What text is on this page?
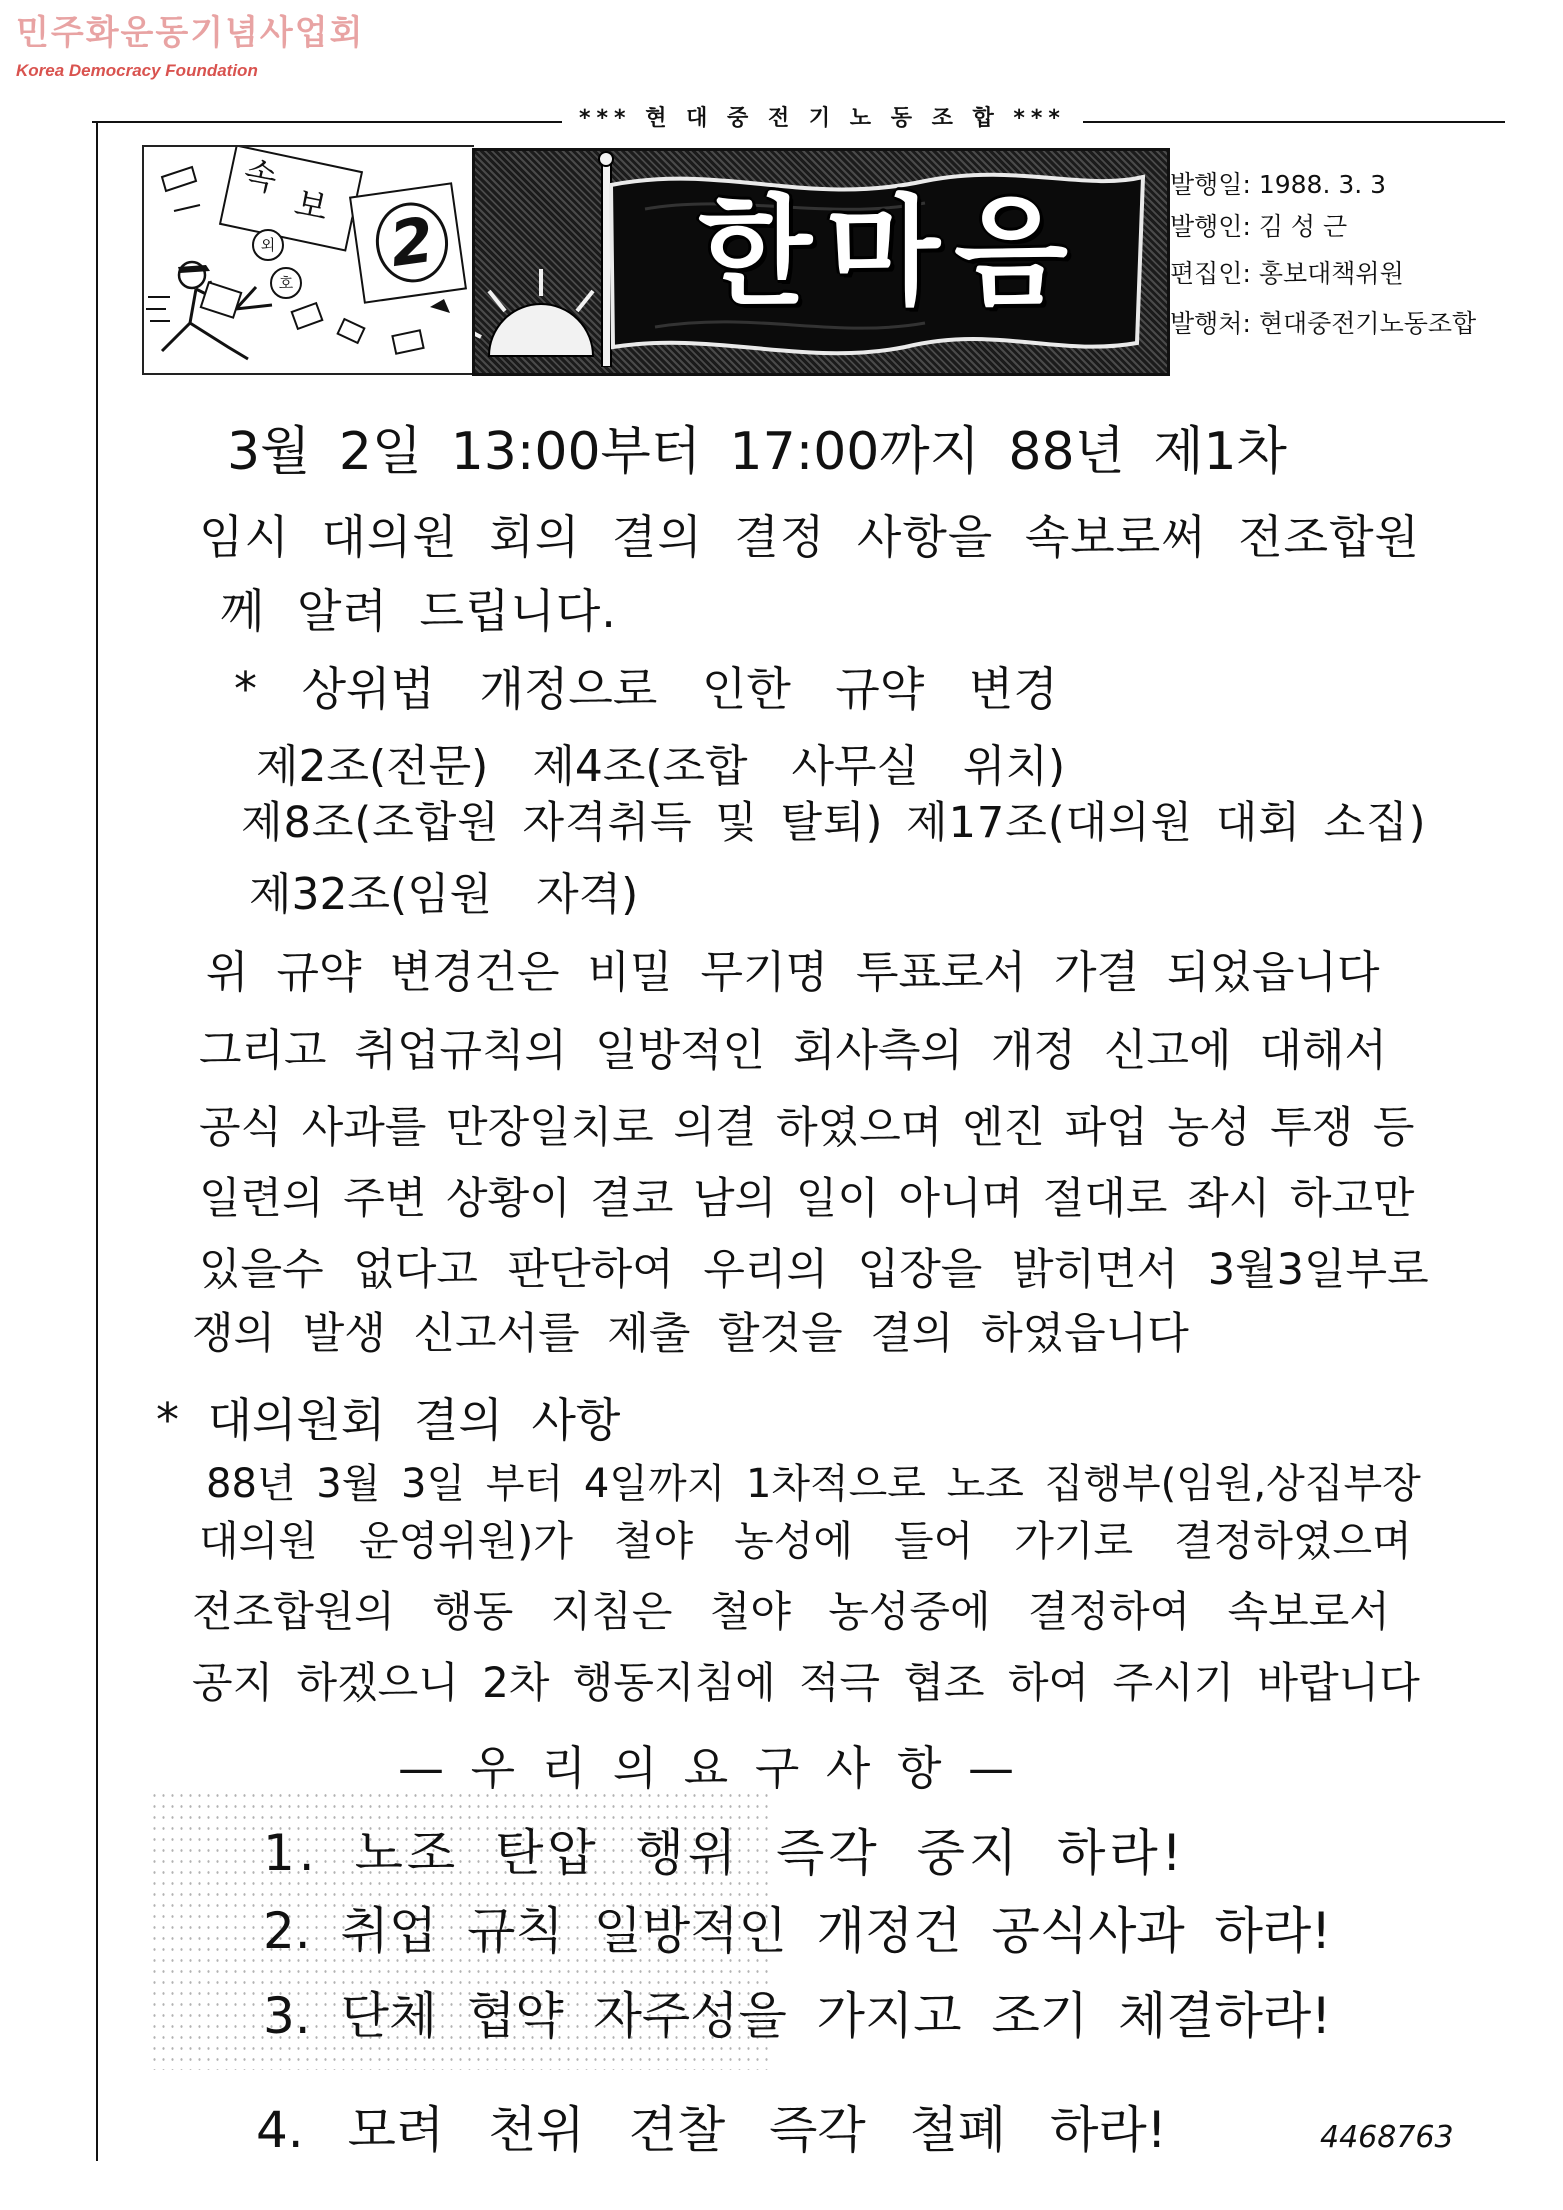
민주화운동기념사업회
Korea Democracy Foundation
*** 현 대 중 전 기 노 동 조 합 ***
속
보
외 2
호	한마음	발행일: 1988. 3. 3
발행인: 김 성 근
편집인: 홍보대책위원
발행처: 현대중전기노동조합
3월 2일 13:00부터 17:00까지 88년 제1차
임시 대의원 회의 결의 결정 사항을 속보로써 전조합원
께 알려 드립니다.
* 상위법 개정으로 인한 규약 변경
제2조(전문) 제4조(조합 사무실 위치)
제8조(조합원 자격취득 및 탈퇴) 제17조(대의원 대회 소집)
제32조(임원 자격)
위 규약 변경건은 비밀 무기명 투표로서 가결 되었읍니다
그리고 취업규칙의 일방적인 회사측의 개정 신고에 대해서
공식 사과를 만장일치로 의결 하였으며 엔진 파업 농성 투쟁 등
일련의 주변 상황이 결코 남의 일이 아니며 절대로 좌시 하고만
있을수 없다고 판단하여 우리의 입장을 밝히면서 3월3일부로
쟁의 발생 신고서를 제출 할것을 결의 하였읍니다
* 대의원회 결의 사항
88년 3월 3일 부터 4일까지 1차적으로 노조 집행부(임원,상집부장
대의원 운영위원)가 철야 농성에 들어 가기로 결정하였으며
전조합원의 행동 지침은 철야 농성중에 결정하여 속보로서
공지 하겠으니 2차 행동지침에 적극 협조 하여 주시기 바랍니다
— 우 리 의 요 구 사 항 —
1. 노조 탄압 행위 즉각 중지 하라!
2. 취업 규칙 일방적인 개정건 공식사과 하라!
3. 단체 협약 자주성을 가지고 조기 체결하라!
4. 모려 천위 견찰 즉각 철폐 하라!	4468763
